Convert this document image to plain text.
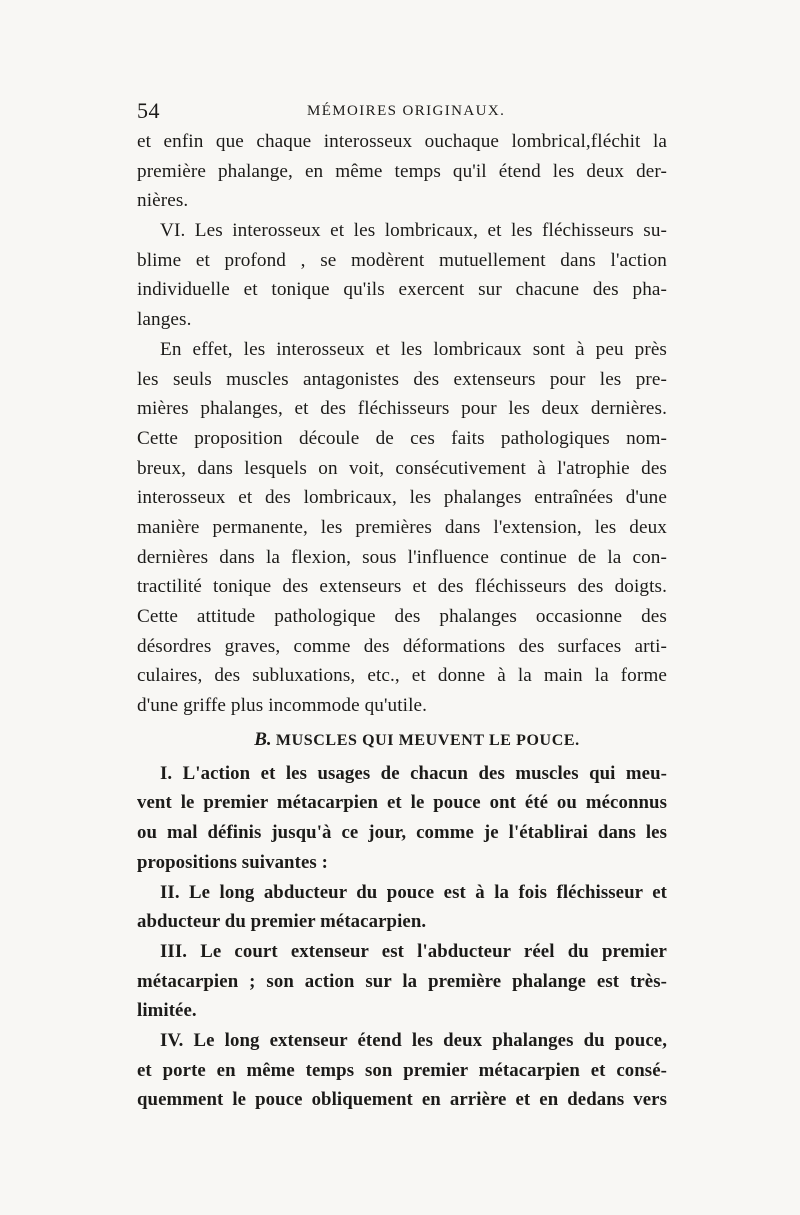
54	MÉMOIRES ORIGINAUX.
et enfin que chaque interosseux ouchaque lombrical,fléchit la
première phalange, en même temps qu'il étend les deux der-
nières.
VI. Les interosseux et les lombricaux, et les fléchisseurs su-
blime et profond , se modèrent mutuellement dans l'action
individuelle et tonique qu'ils exercent sur chacune des pha-
langes.
En effet, les interosseux et les lombricaux sont à peu près
les seuls muscles antagonistes des extenseurs pour les pre-
mières phalanges, et des fléchisseurs pour les deux dernières.
Cette proposition découle de ces faits pathologiques nom-
breux, dans lesquels on voit, consécutivement à l'atrophie des
interosseux et des lombricaux, les phalanges entraînées d'une
manière permanente, les premières dans l'extension, les deux
dernières dans la flexion, sous l'influence continue de la con-
tractilité tonique des extenseurs et des fléchisseurs des doigts.
Cette attitude pathologique des phalanges occasionne des
désordres graves, comme des déformations des surfaces arti-
culaires, des subluxations, etc., et donne à la main la forme
d'une griffe plus incommode qu'utile.
B. MUSCLES QUI MEUVENT LE POUCE.
I. L'action et les usages de chacun des muscles qui meu-
vent le premier métacarpien et le pouce ont été ou méconnus
ou mal définis jusqu'à ce jour, comme je l'établirai dans les
propositions suivantes :
II. Le long abducteur du pouce est à la fois fléchisseur et
abducteur du premier métacarpien.
III. Le court extenseur est l'abducteur réel du premier
métacarpien ; son action sur la première phalange est très-
limitée.
IV. Le long extenseur étend les deux phalanges du pouce,
et porte en même temps son premier métacarpien et consé-
quemment le pouce obliquement en arrière et en dedans vers
